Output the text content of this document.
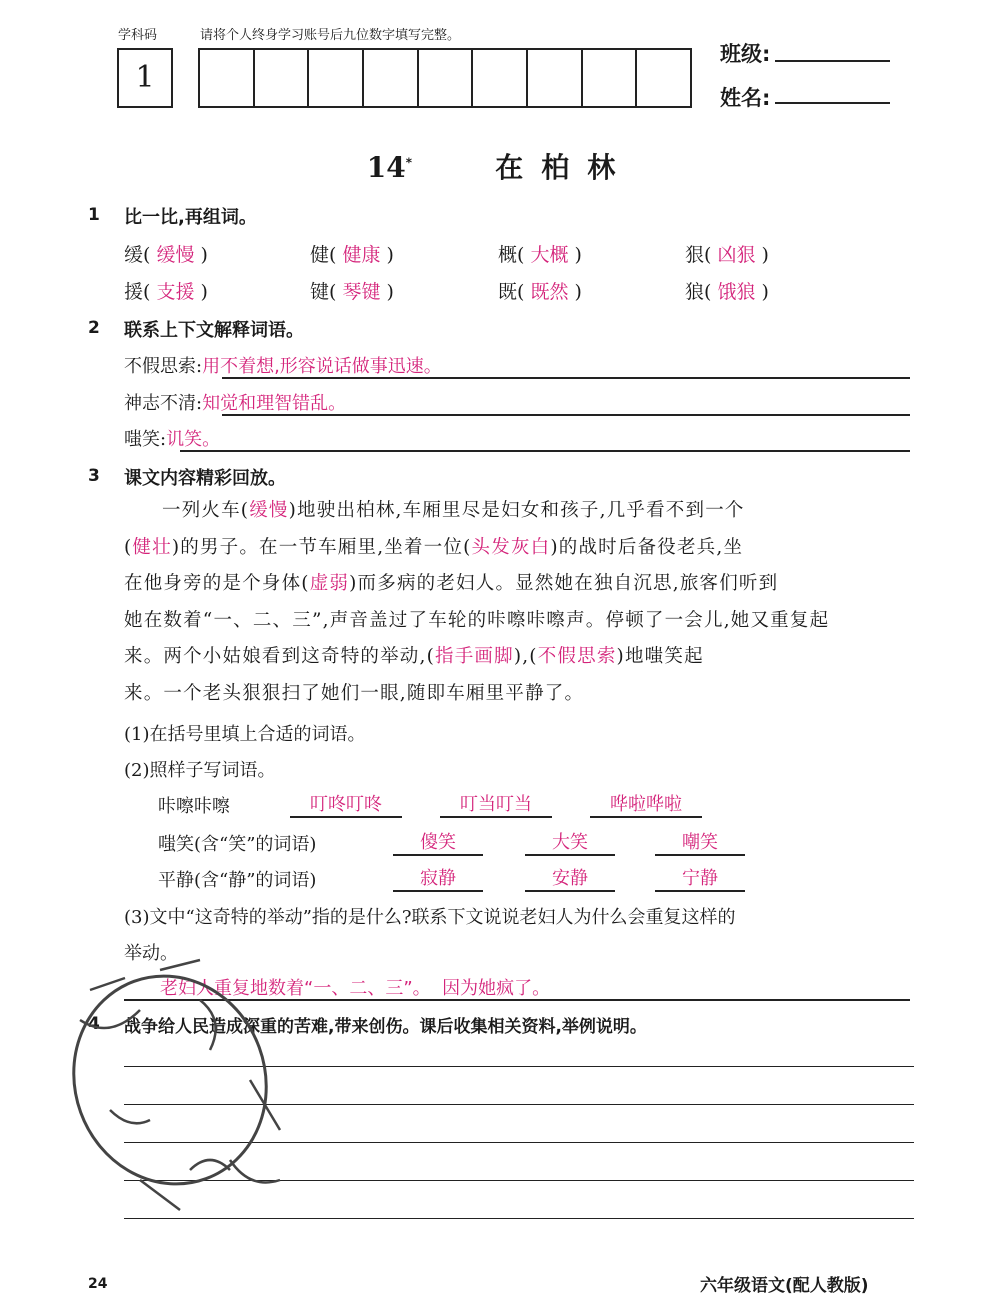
学科码	请将个人终身学习账号后九位数字填写完整。
1
班级:
姓名:
14*	在柏林
1 比一比,再组词。
缓( 缓慢 )	健( 健康 )	概( 大概 )	狠( 凶狠 )
援( 支援 )	键( 琴键 )	既( 既然 )	狼( 饿狼 )
2 联系上下文解释词语。
不假思索:用不着想,形容说话做事迅速。
神志不清:知觉和理智错乱。
嗤笑:讥笑。
3 课文内容精彩回放。
一列火车(缓慢)地驶出柏林,车厢里尽是妇女和孩子,几乎看不到一个
(健壮)的男子。在一节车厢里,坐着一位(头发灰白)的战时后备役老兵,坐
在他身旁的是个身体(虚弱)而多病的老妇人。显然她在独自沉思,旅客们听到
她在数着“一、二、三”,声音盖过了车轮的咔嚓咔嚓声。停顿了一会儿,她又重复起
来。两个小姑娘看到这奇特的举动,(指手画脚),(不假思索)地嗤笑起
来。一个老头狠狠扫了她们一眼,随即车厢里平静了。
(1)在括号里填上合适的词语。
(2)照样子写词语。
咔嚓咔嚓	叮咚叮咚	叮当叮当	哗啦哗啦
嗤笑(含“笑”的词语)	傻笑	大笑	嘲笑
平静(含“静”的词语)	寂静	安静	宁静
(3)文中“这奇特的举动”指的是什么?联系下文说说老妇人为什么会重复这样的
举动。
老妇人重复地数着“一、二、三”。  因为她疯了。
4 战争给人民造成深重的苦难,带来创伤。课后收集相关资料,举例说明。
24	六年级语文(配人教版)
